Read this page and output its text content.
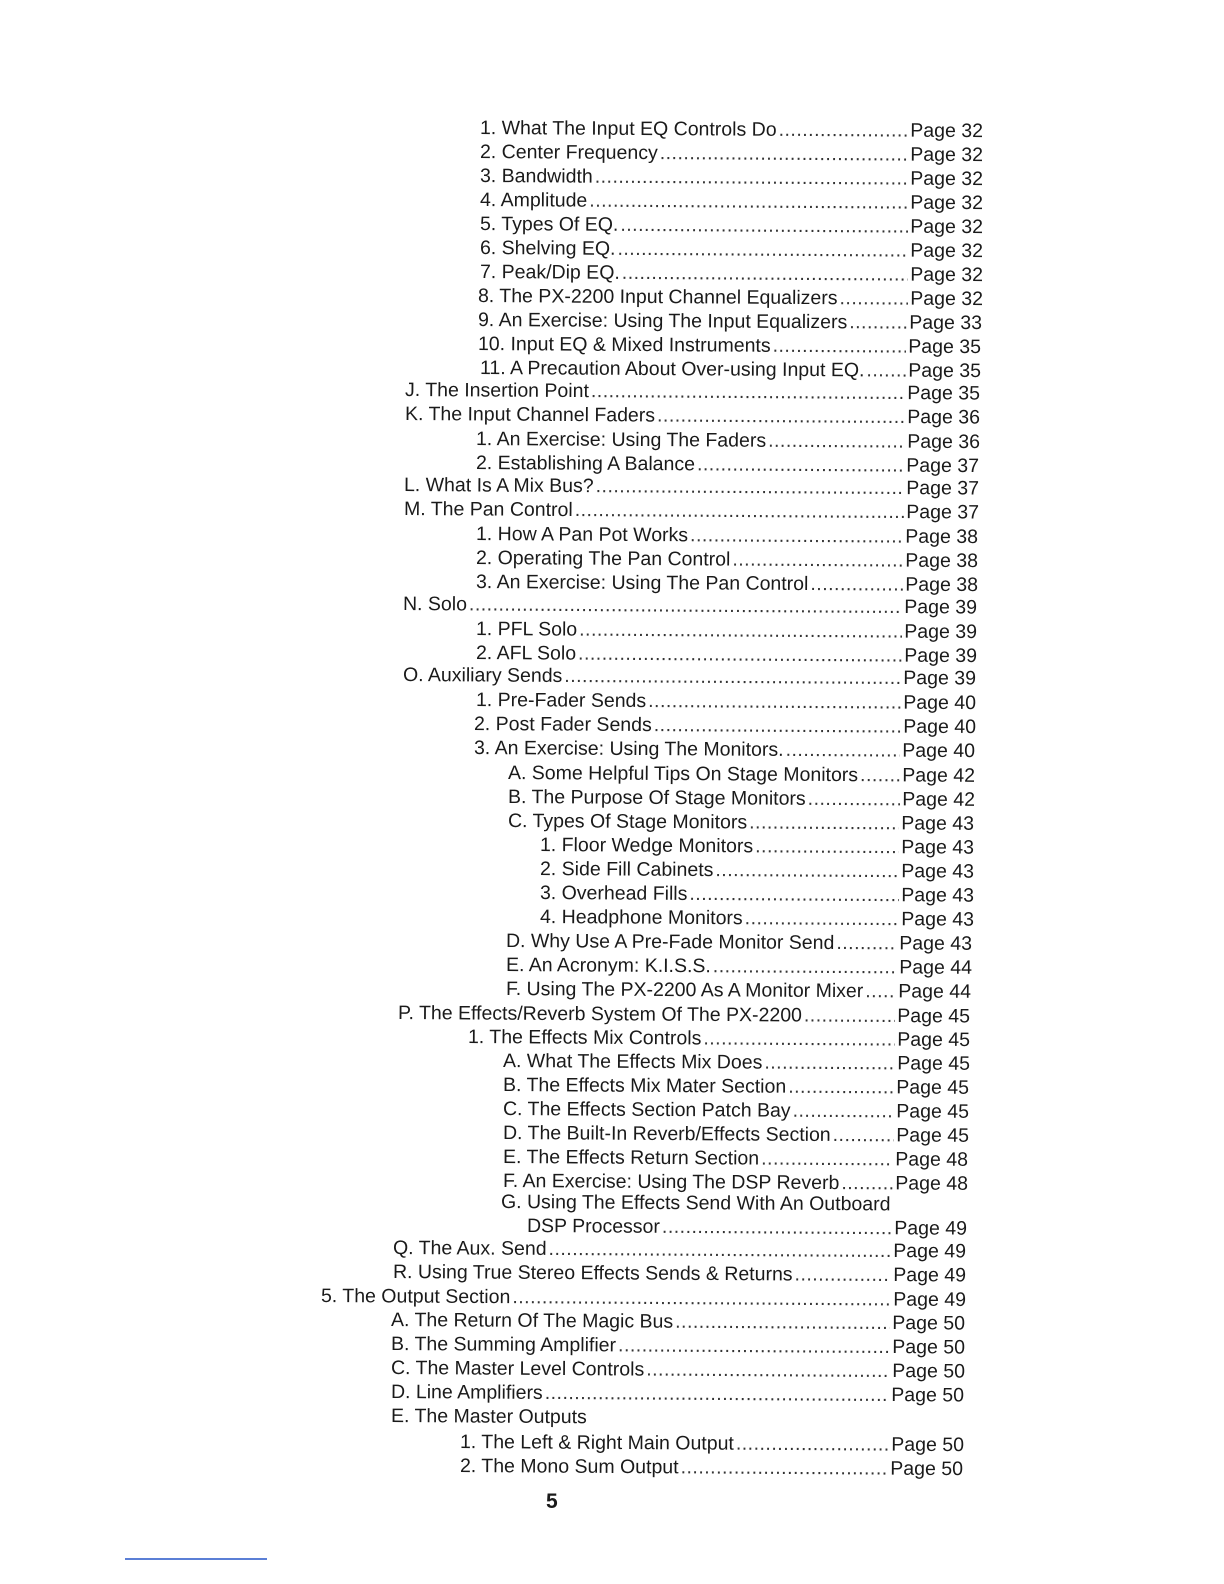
1. What The Input EQ Controls Do .....	Page 32
2. Center Frequency .....	Page 32
3. Bandwidth .....	Page 32
4. Amplitude .....	Page 32
5. Types Of EQ. .....	Page 32
6. Shelving EQ. .....	Page 32
7. Peak/Dip EQ. .....	Page 32
8. The PX-2200 Input Channel Equalizers .....	Page 32
9. An Exercise: Using The Input Equalizers .....	Page 33
10. Input EQ & Mixed Instruments .....	Page 35
11. A Precaution About Over-using Input EQ. ..... Page 35
J. The Insertion Point .....	Page 35
K. The Input Channel Faders .....	Page 36
1. An Exercise: Using The Faders .....	Page 36
2. Establishing A Balance .....	Page 37
L. What Is A Mix Bus? .....	Page 37
M. The Pan Control .....	Page 37
1. How A Pan Pot Works .....	Page 38
2. Operating The Pan Control .....	Page 38
3. An Exercise: Using The Pan Control .....	Page 38
N. Solo .....	Page 39
1. PFL Solo .....	Page 39
2. AFL Solo .....	Page 39
O. Auxiliary Sends .....	Page 39
1. Pre-Fader Sends .....	Page 40
2. Post Fader Sends .....	Page 40
3. An Exercise: Using The Monitors. .....	Page 40
A. Some Helpful Tips On Stage Monitors ..... Page 42
B. The Purpose Of Stage Monitors .....	Page 42
C. Types Of Stage Monitors .....	Page 43
1. Floor Wedge Monitors .....	Page 43
2. Side Fill Cabinets .....	Page 43
3. Overhead Fills .....	Page 43
4. Headphone Monitors .....	Page 43
D. Why Use A Pre-Fade Monitor Send .....	Page 43
E. An Acronym: K.I.S.S. .....	Page 44
F. Using The PX-2200 As A Monitor Mixer ..... Page 44
P. The Effects/Reverb System Of The PX-2200 .....	Page 45
1. The Effects Mix Controls .....	Page 45
A. What The Effects Mix Does .....	Page 45
B. The Effects Mix Mater Section .....	Page 45
C. The Effects Section Patch Bay .....	Page 45
D. The Built-In Reverb/Effects Section .....	Page 45
E. The Effects Return Section .....	Page 48
F. An Exercise: Using The DSP Reverb .....	Page 48
G. Using The Effects Send With An Outboard
DSP Processor .....	Page 49
Q. The Aux. Send .....	Page 49
R. Using True Stereo Effects Sends & Returns .....	Page 49
5. The Output Section .....	Page 49
A. The Return Of The Magic Bus .....	Page 50
B. The Summing Amplifier .....	Page 50
C. The Master Level Controls .....	Page 50
D. Line Amplifiers .....	Page 50
E. The Master Outputs
1. The Left & Right Main Output .....	Page 50
2. The Mono Sum Output .....	Page 50
5
